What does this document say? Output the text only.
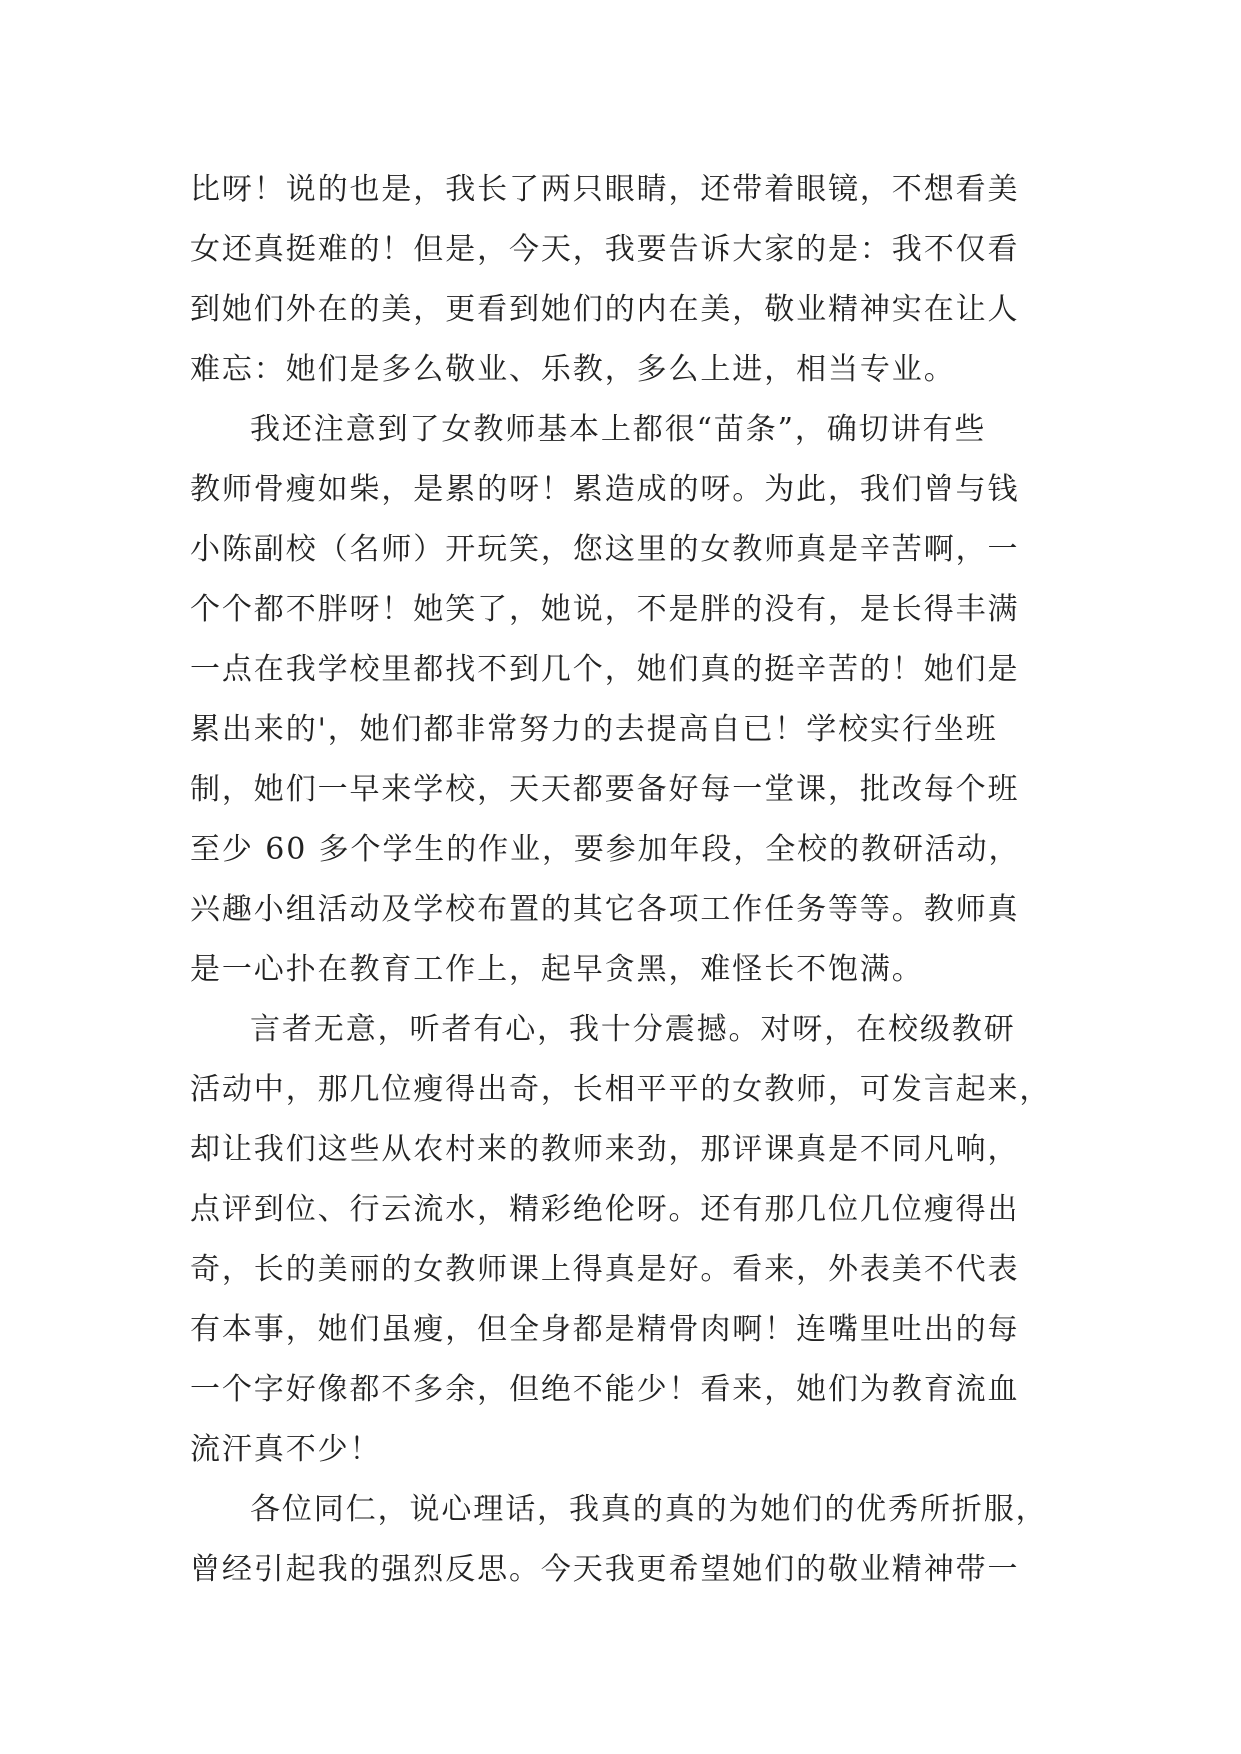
比呀！说的也是，我长了两只眼睛，还带着眼镜，不想看美
女还真挺难的！但是，今天，我要告诉大家的是：我不仅看
到她们外在的美，更看到她们的内在美，敬业精神实在让人
难忘：她们是多么敬业、乐教，多么上进，相当专业。
我还注意到了女教师基本上都很“苗条”，确切讲有些
教师骨瘦如柴，是累的呀！累造成的呀。为此，我们曾与钱
小陈副校（名师）开玩笑，您这里的女教师真是辛苦啊，一
个个都不胖呀！她笑了，她说，不是胖的没有，是长得丰满
一点在我学校里都找不到几个，她们真的挺辛苦的！她们是
累出来的'，她们都非常努力的去提高自已！学校实行坐班
制，她们一早来学校，天天都要备好每一堂课，批改每个班
至少 60 多个学生的作业，要参加年段，全校的教研活动，
兴趣小组活动及学校布置的其它各项工作任务等等。教师真
是一心扑在教育工作上，起早贪黑，难怪长不饱满。
言者无意，听者有心，我十分震撼。对呀，在校级教研
活动中，那几位瘦得出奇，长相平平的女教师，可发言起来，
却让我们这些从农村来的教师来劲，那评课真是不同凡响，
点评到位、行云流水，精彩绝伦呀。还有那几位几位瘦得出
奇，长的美丽的女教师课上得真是好。看来，外表美不代表
有本事，她们虽瘦，但全身都是精骨肉啊！连嘴里吐出的每
一个字好像都不多余，但绝不能少！看来，她们为教育流血
流汗真不少！
各位同仁，说心理话，我真的真的为她们的优秀所折服，
曾经引起我的强烈反思。今天我更希望她们的敬业精神带一
